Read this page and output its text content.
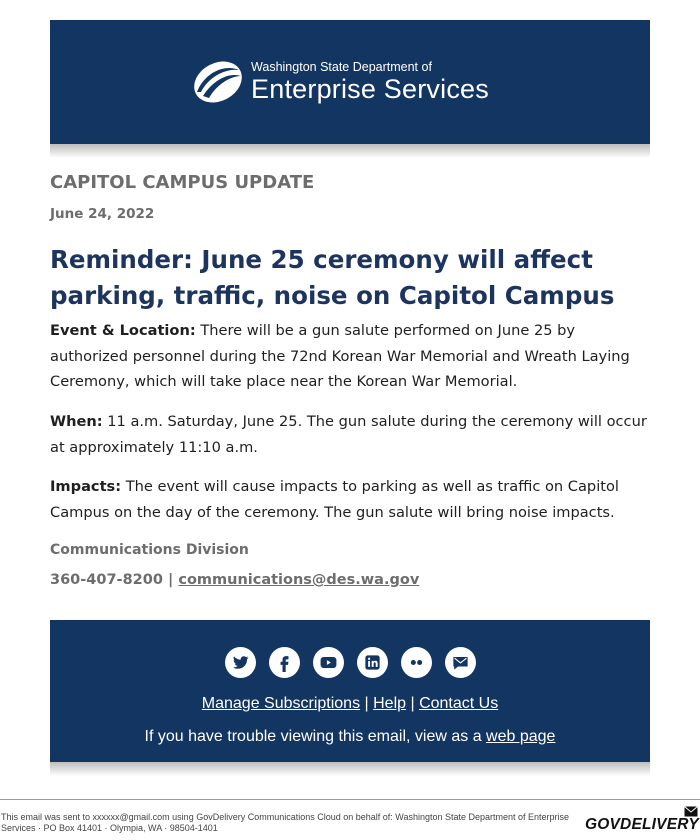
Washington State Department of
Enterprise Services
CAPITOL CAMPUS UPDATE
June 24, 2022
Reminder: June 25 ceremony will affect parking, traffic, noise on Capitol Campus

Event & Location: There will be a gun salute performed on June 25 by authorized personnel during the 72nd Korean War Memorial and Wreath Laying Ceremony, which will take place near the Korean War Memorial.

When: 11 a.m. Saturday, June 25. The gun salute during the ceremony will occur at approximately 11:10 a.m.

Impacts: The event will cause impacts to parking as well as traffic on Capitol Campus on the day of the ceremony. The gun salute will bring noise impacts.

Communications Division
360-407-8200 | communications@des.wa.gov
Manage Subscriptions | Help | Contact Us
If you have trouble viewing this email, view as a web page
This email was sent to xxxxxx@gmail.com using GovDelivery Communications Cloud on behalf of: Washington State Department of Enterprise Services · PO Box 41401 · Olympia, WA · 98504-1401	GOVDELIVERY
